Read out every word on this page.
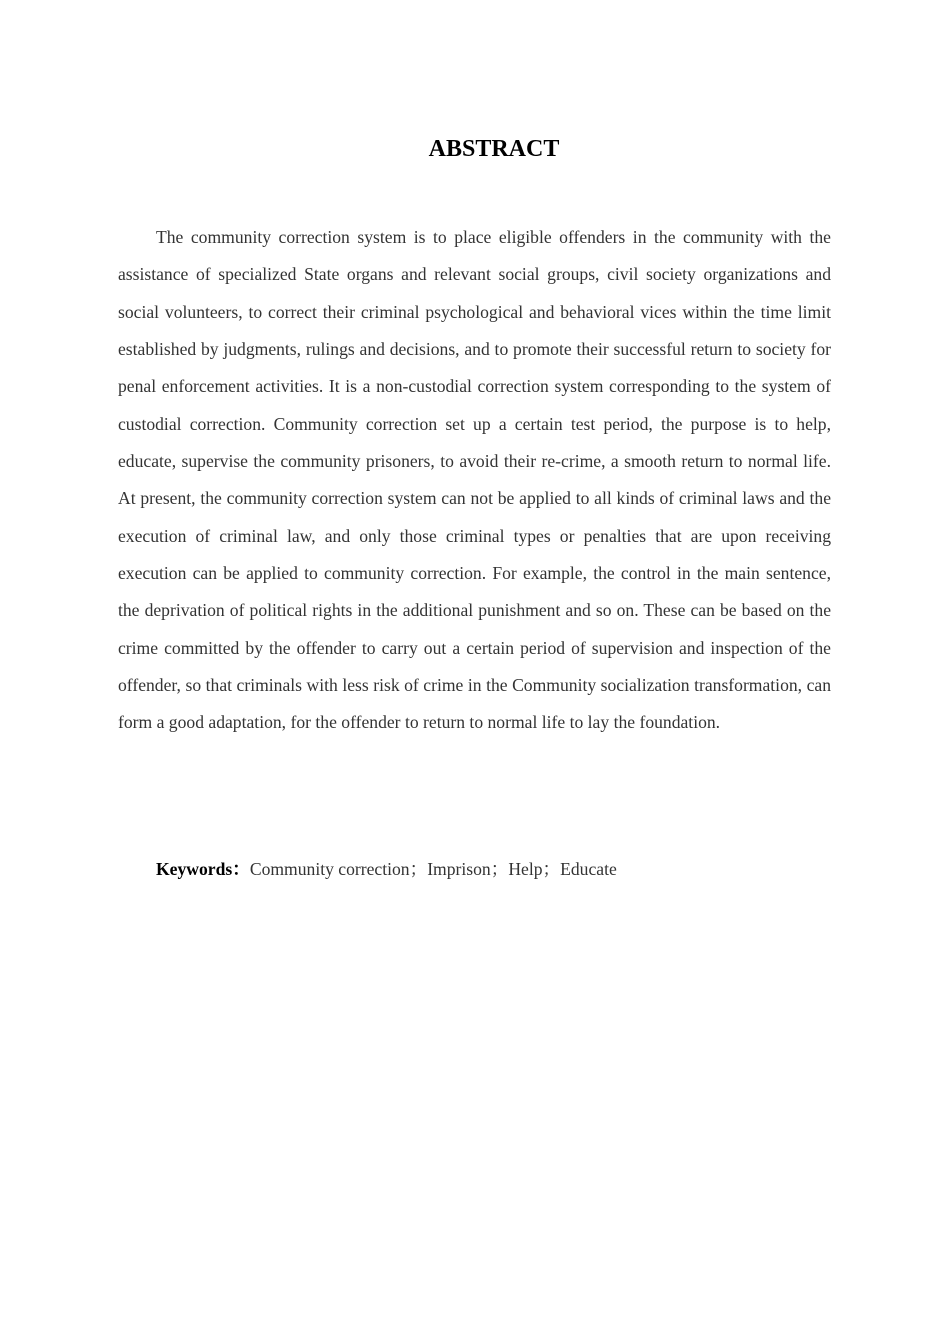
ABSTRACT

The community correction system is to place eligible offenders in the community with the assistance of specialized State organs and relevant social groups, civil society organizations and social volunteers, to correct their criminal psychological and behavioral vices within the time limit established by judgments, rulings and decisions, and to promote their successful return to society for penal enforcement activities. It is a non-custodial correction system corresponding to the system of custodial correction. Community correction set up a certain test period, the purpose is to help, educate, supervise the community prisoners, to avoid their re-crime, a smooth return to normal life. At present, the community correction system can not be applied to all kinds of criminal laws and the execution of criminal law, and only those criminal types or penalties that are upon receiving execution can be applied to community correction. For example, the control in the main sentence, the deprivation of political rights in the additional punishment and so on. These can be based on the crime committed by the offender to carry out a certain period of supervision and inspection of the offender, so that criminals with less risk of crime in the Community socialization transformation, can form a good adaptation, for the offender to return to normal life to lay the foundation.

Keywords：Community correction；Imprison；Help；Educate
